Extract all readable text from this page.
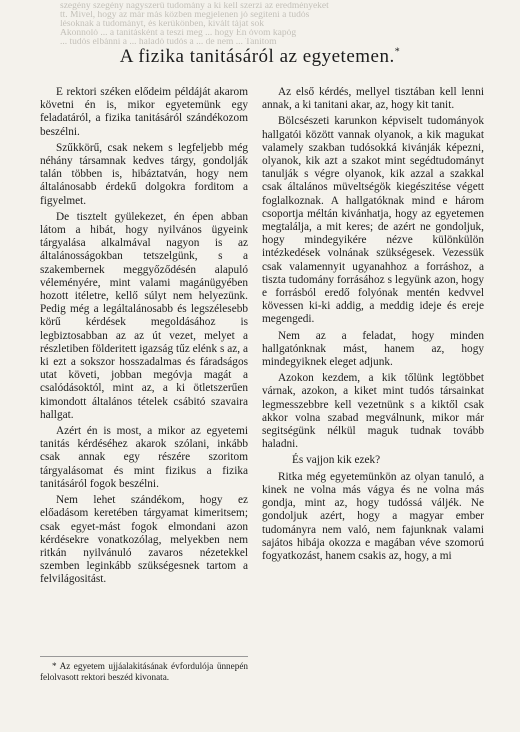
szegény szegény nagyszerű tudomány a ki kell szerzi az eredményeket
tt. Mivel, hogy az már más közben megjelenen jó segiteni a tudós
lésoknak a tudományt, és kerükönben, kivált tájat sok
Akonnoló ... a tanitásként a teszi meg ... hogy Én óvom kapóg
... tudós elbánni a ... haladó tudós a ... de nem ... Tanitom
A fizika tanitásáról az egyetemen.*

E rektori széken elődeim példáját akarom követni én is, mikor egyetemünk egy feladatáról, a fizika tanitásáról szándékozom beszélni.

Szűkkörű, csak nekem s legfeljebb még néhány társamnak kedves tárgy, gondolják talán többen is, hibáztatván, hogy nem általánosabb érdekű dolgokra forditom a figyelmet.

De tisztelt gyülekezet, én épen abban látom a hibát, hogy nyilvános ügyeink tárgyalása alkalmával nagyon is az általánosságokban tetszelgünk, s a szakembernek meggyőződésén alapuló véleményére, mint valami magánügyében hozott itéletre, kellő súlyt nem helyezünk. Pedig még a legáltalánosabb és legszélesebb körű kérdések megoldásához is legbiztosabban az az út vezet, melyet a részletiben földeritett igazság tűz elénk s az, a ki ezt a sokszor hosszadalmas és fáradságos utat követi, jobban megóvja magát a csalódásoktól, mint az, a ki ötletszerűen kimondott általános tételek csábitó szavaira hallgat.

Azért én is most, a mikor az egyetemi tanitás kérdéséhez akarok szólani, inkább csak annak egy részére szoritom tárgyalásomat és mint fizikus a fizika tanitásáról fogok beszélni.

Nem lehet szándékom, hogy ez előadásom keretében tárgyamat kimeritsem; csak egyet-mást fogok elmondani azon kérdésekre vonatkozólag, melyekben nem ritkán nyilvánuló zavaros nézetekkel szemben leginkább szükségesnek tartom a felvilágositást.

* Az egyetem ujjáalakitásának évfordulója ünnepén felolvasott rektori beszéd kivonata.

Az első kérdés, mellyel tisztában kell lenni annak, a ki tanitani akar, az, hogy kit tanit.

Bölcsészeti karunkon képviselt tudományok hallgatói között vannak olyanok, a kik magukat valamely szakban tudósokká kivánják képezni, olyanok, kik azt a szakot mint segédtudományt tanulják s végre olyanok, kik azzal a szakkal csak általános müveltségök kiegészitése végett foglalkoznak. A hallgatóknak mind e három csoportja méltán kivánhatja, hogy az egyetemen megtalálja, a mit keres; de azért ne gondoljuk, hogy mindegyikére nézve különkülön intézkedések volnának szükségesek. Vezessük csak valamennyit ugyanahhoz a forráshoz, a tiszta tudomány forrásához s legyünk azon, hogy e forrásból eredő folyónak mentén kedvvel kövessen ki-ki addig, a meddig ideje és ereje megengedi.

Nem az a feladat, hogy minden hallgatónknak mást, hanem az, hogy mindegyiknek eleget adjunk.

Azokon kezdem, a kik tőlünk legtöbbet várnak, azokon, a kiket mint tudós társainkat legmesszebbre kell vezetnünk s a kiktől csak akkor volna szabad megválnunk, mikor már segitségünk nélkül maguk tudnak tovább haladni.

És vajjon kik ezek?

Ritka még egyetemünkön az olyan tanuló, a kinek ne volna más vágya és ne volna más gondja, mint az, hogy tudóssá váljék. Ne gondoljuk azért, hogy a magyar ember tudományra nem való, nem fajunknak valami sajátos hibája okozza e magában véve szomorú fogyatkozást, hanem csakis az, hogy, a mi
